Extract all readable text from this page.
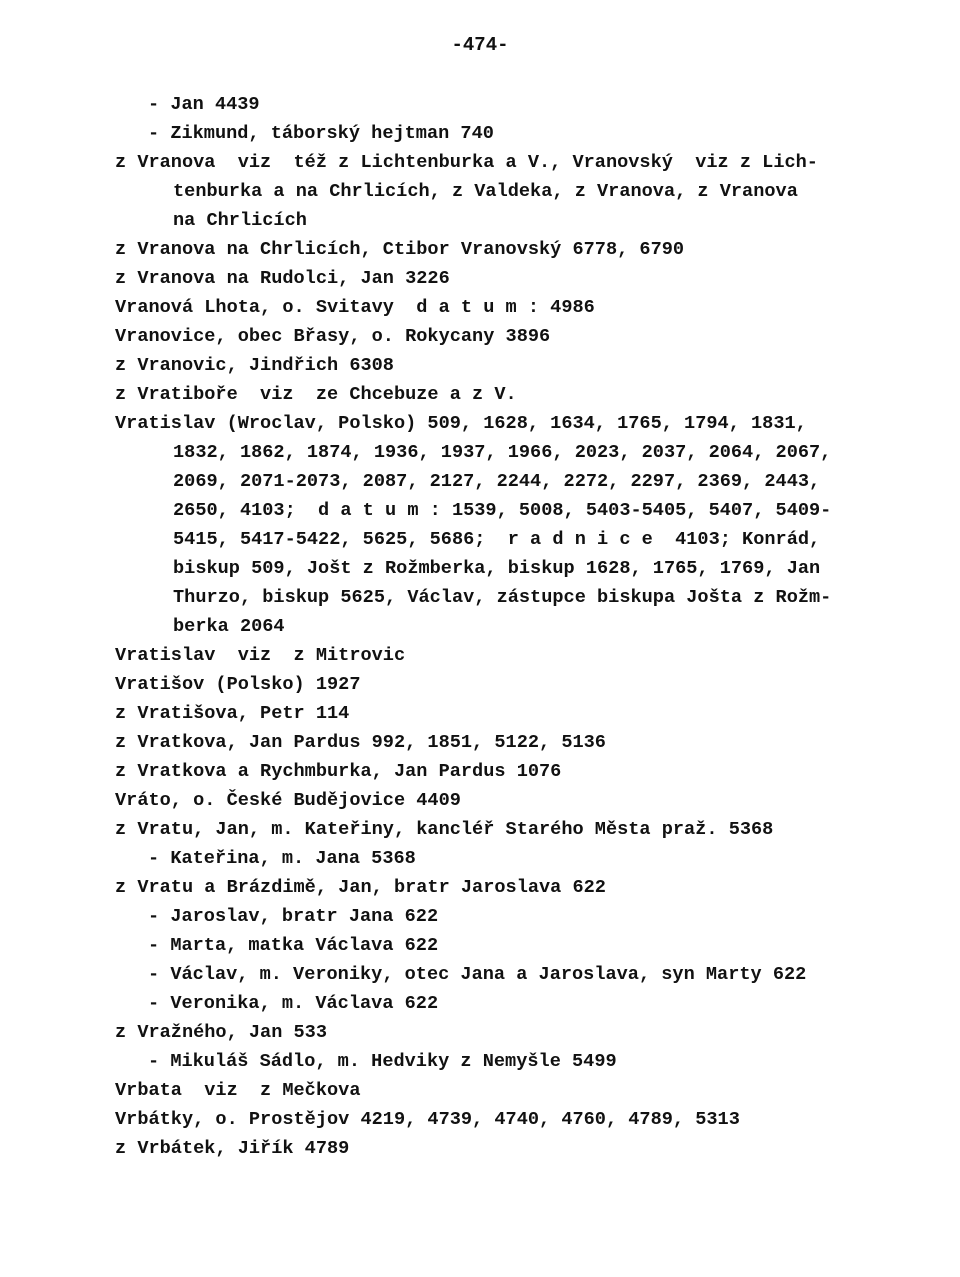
-474-
- Jan 4439
- Zikmund, táborský hejtman 740
z Vranova  viz  též z Lichtenburka a V., Vranovský  viz z Lich-
tenburka a na Chrlicích, z Valdeka, z Vranova, z Vranova
na Chrlicích
z Vranova na Chrlicích, Ctibor Vranovský 6778, 6790
z Vranova na Rudolci, Jan 3226
Vranová Lhota, o. Svitavy  d a t u m : 4986
Vranovice, obec Břasy, o. Rokycany 3896
z Vranovic, Jindřich 6308
z Vratiboře  viz  ze Chcebuze a z V.
Vratislav (Wroclav, Polsko) 509, 1628, 1634, 1765, 1794, 1831,
1832, 1862, 1874, 1936, 1937, 1966, 2023, 2037, 2064, 2067,
2069, 2071-2073, 2087, 2127, 2244, 2272, 2297, 2369, 2443,
2650, 4103;  d a t u m : 1539, 5008, 5403-5405, 5407, 5409-
5415, 5417-5422, 5625, 5686;  r a d n i c e  4103; Konrád,
biskup 509, Jošt z Rožmberka, biskup 1628, 1765, 1769, Jan
Thurzo, biskup 5625, Václav, zástupce biskupa Jošta z Rožm-
berka 2064
Vratislav  viz  z Mitrovic
Vratišov (Polsko) 1927
z Vratišova, Petr 114
z Vratkova, Jan Pardus 992, 1851, 5122, 5136
z Vratkova a Rychmburka, Jan Pardus 1076
Vráto, o. České Budějovice 4409
z Vratu, Jan, m. Kateřiny, kancléř Starého Města praž. 5368
- Kateřina, m. Jana 5368
z Vratu a Brázdimě, Jan, bratr Jaroslava 622
- Jaroslav, bratr Jana 622
- Marta, matka Václava 622
- Václav, m. Veroniky, otec Jana a Jaroslava, syn Marty 622
- Veronika, m. Václava 622
z Vražného, Jan 533
- Mikuláš Sádlo, m. Hedviky z Nemyšle 5499
Vrbata  viz  z Mečkova
Vrbátky, o. Prostějov 4219, 4739, 4740, 4760, 4789, 5313
z Vrbátek, Jiřík 4789
